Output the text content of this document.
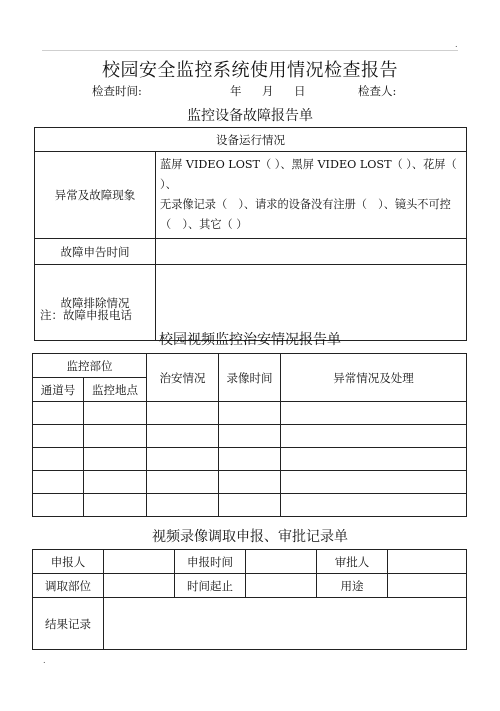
.
校园安全监控系统使用情况检查报告
检查时间:	年 月 日	检查人:
监控设备故障报告单
设备运行情况	
异常及故障现象	蓝屏 VIDEO LOST（ ）、黑屏 VIDEO LOST（ ）、花屏（ ）、
无录像记录（　）、请求的设备没有注册（　）、镜头不可控
（　）、其它（ ）

故障申告时间	
故障排除情况	
注：故障申报电话
校园视频监控治安情况报告单
监控部位		治安情况	录像时间	异常情况及处理
通道号	监控地点			

视频录像调取申报、审批记录单
申报人		申报时间		审批人	
调取部位		时间起止		用途	
结果记录					
.
